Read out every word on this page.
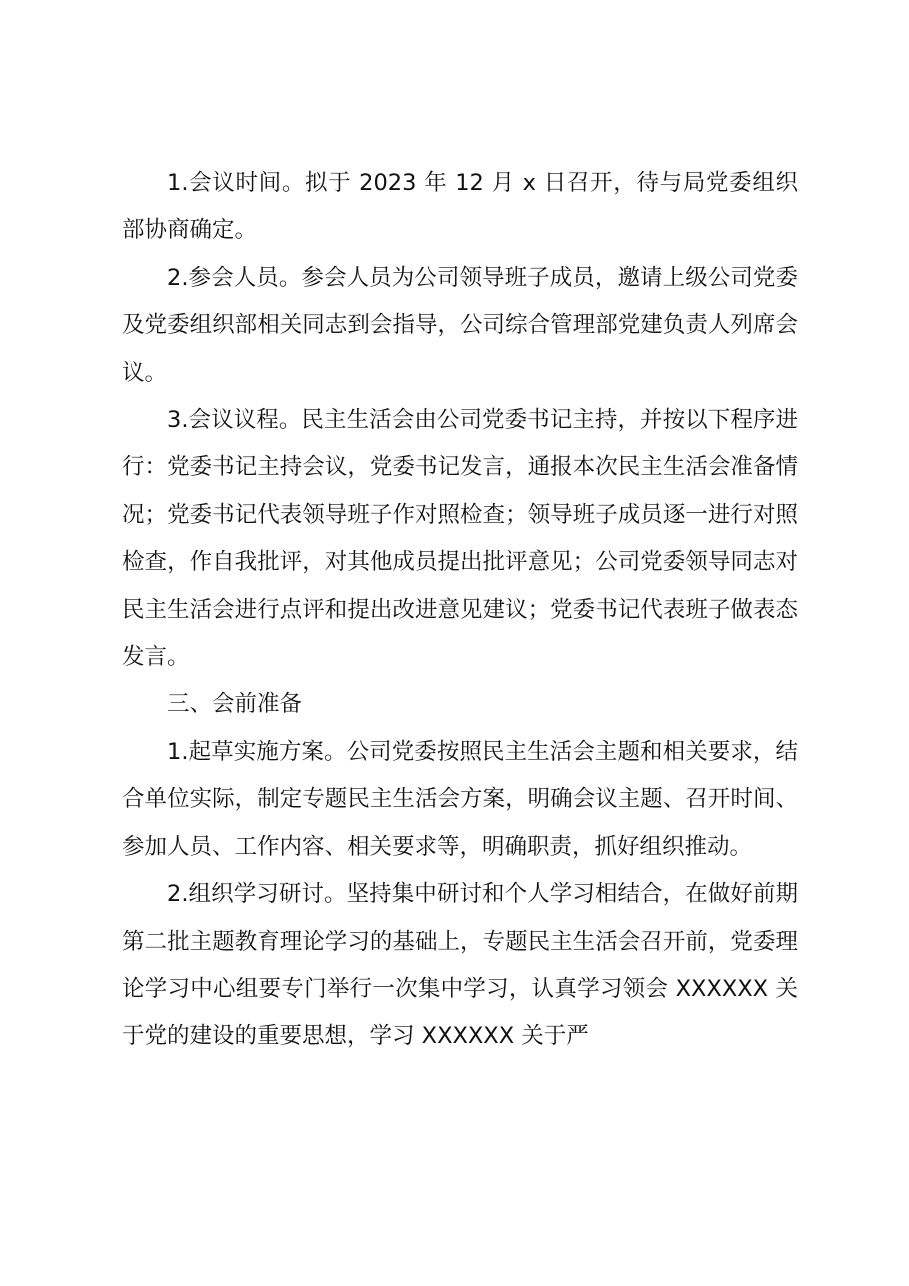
1.会议时间。拟于 2023 年 12 月 x 日召开，待与局党委组织部协商确定。

2.参会人员。参会人员为公司领导班子成员，邀请上级公司党委及党委组织部相关同志到会指导，公司综合管理部党建负责人列席会议。

3.会议议程。民主生活会由公司党委书记主持，并按以下程序进行：党委书记主持会议，党委书记发言，通报本次民主生活会准备情况；党委书记代表领导班子作对照检查；领导班子成员逐一进行对照检查，作自我批评，对其他成员提出批评意见；公司党委领导同志对民主生活会进行点评和提出改进意见建议；党委书记代表班子做表态发言。

三、会前准备

1.起草实施方案。公司党委按照民主生活会主题和相关要求，结合单位实际，制定专题民主生活会方案，明确会议主题、召开时间、参加人员、工作内容、相关要求等，明确职责，抓好组织推动。

2.组织学习研讨。坚持集中研讨和个人学习相结合，在做好前期第二批主题教育理论学习的基础上，专题民主生活会召开前，党委理论学习中心组要专门举行一次集中学习，认真学习领会 XXXXXX 关于党的建设的重要思想，学习 XXXXXX 关于严
